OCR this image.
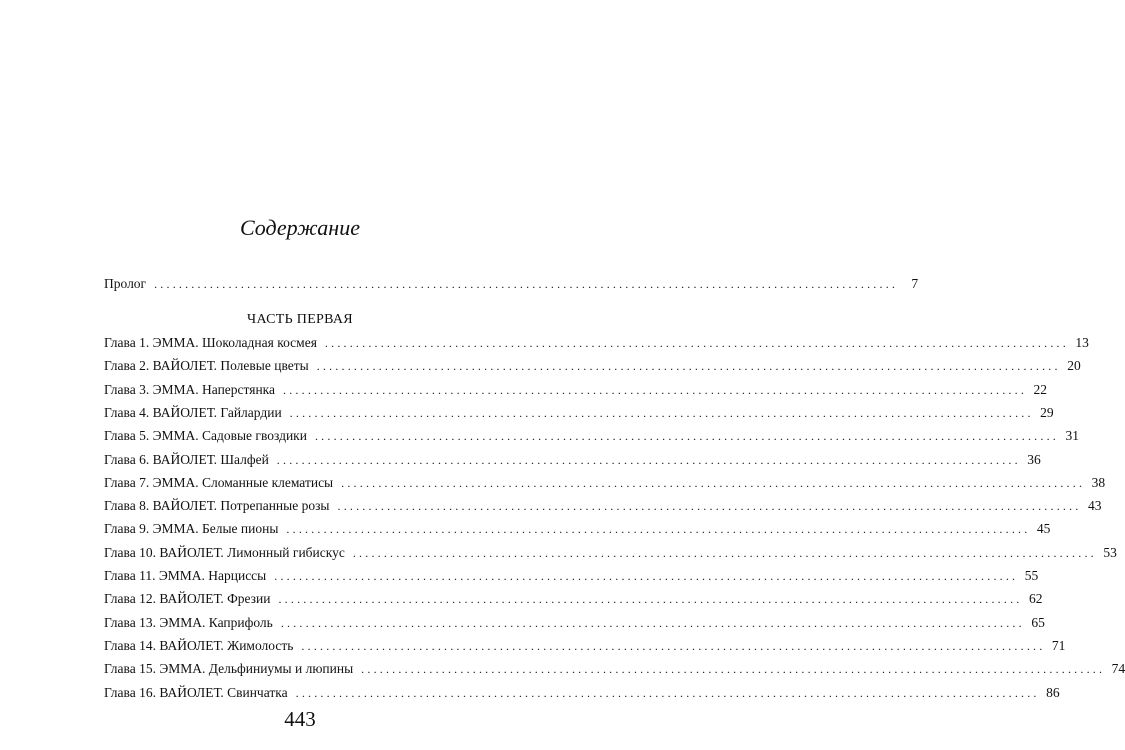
Содержание
Пролог ........................................................................................................................ 7
Глава 1. ЭММА. Шоколадная космея ........................................................................................................................ 13
Глава 2. ВАЙОЛЕТ. Полевые цветы ........................................................................................................................ 20
Глава 3. ЭММА. Наперстянка ........................................................................................................................ 22
Глава 4. ВАЙОЛЕТ. Гайлардии ........................................................................................................................ 29
Глава 5. ЭММА. Садовые гвоздики ........................................................................................................................ 31
Глава 6. ВАЙОЛЕТ. Шалфей ........................................................................................................................ 36
Глава 7. ЭММА. Сломанные клематисы ........................................................................................................................ 38
Глава 8. ВАЙОЛЕТ. Потрепанные розы ........................................................................................................................ 43
Глава 9. ЭММА. Белые пионы ........................................................................................................................ 45
Глава 10. ВАЙОЛЕТ. Лимонный гибискус ........................................................................................................................ 53
Глава 11. ЭММА. Нарциссы ........................................................................................................................ 55
Глава 12. ВАЙОЛЕТ. Фрезии ........................................................................................................................ 62
Глава 13. ЭММА. Каприфоль ........................................................................................................................ 65
Глава 14. ВАЙОЛЕТ. Жимолость ........................................................................................................................ 71
Глава 15. ЭММА. Дельфиниумы и люпины ........................................................................................................................ 74
Глава 16. ВАЙОЛЕТ. Свинчатка ........................................................................................................................ 86
ЧАСТЬ ПЕРВАЯ
443
